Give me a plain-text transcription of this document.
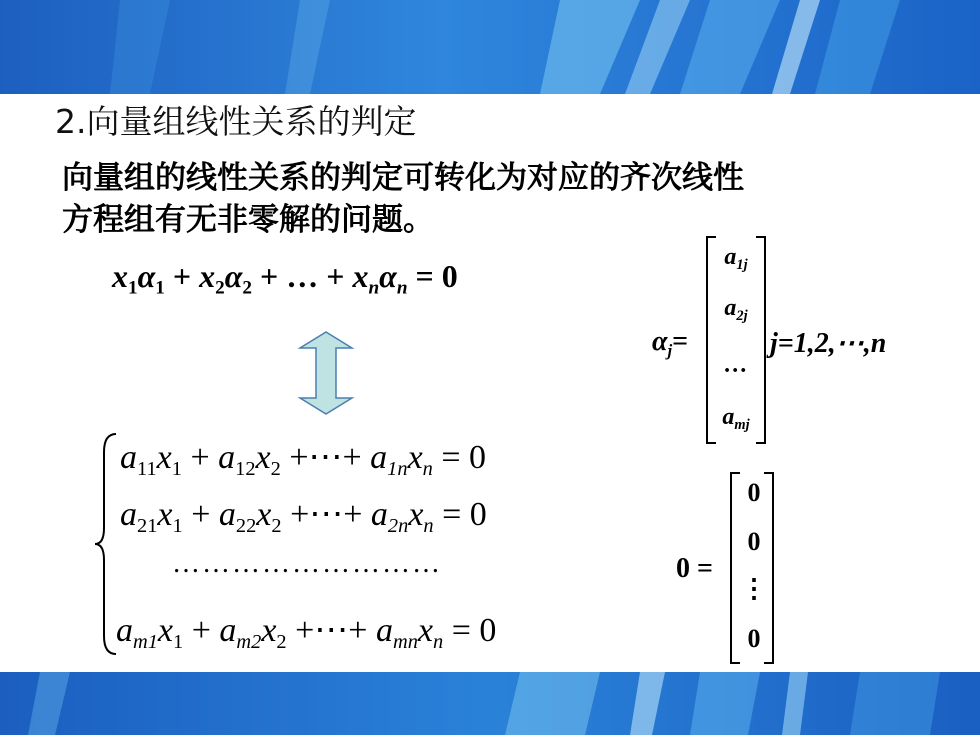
2.向量组线性关系的判定

向量组的线性关系的判定可转化为对应的齐次线性

方程组有无非零解的问题。

$x_1\alpha_1 + x_2\alpha_2$ + … + $x_n\alpha_n = 0$
$a_{11}x_1 + a_{12}x_2$ +⋯+ $a_{1n}x_n = 0$
$a_{21}x_1 + a_{22}x_2$ +⋯+ $a_{2n}x_n = 0$
………………………
$a_{m1}x_1 + a_{m2}x_2$ +⋯+ $a_{mn}x_n = 0$
$\alpha_j=$
$a_{1j}$
$a_{2j}$
…
$a_{mj}$
j=1,2,⋯,n
0 =
0
0
⋮
0
